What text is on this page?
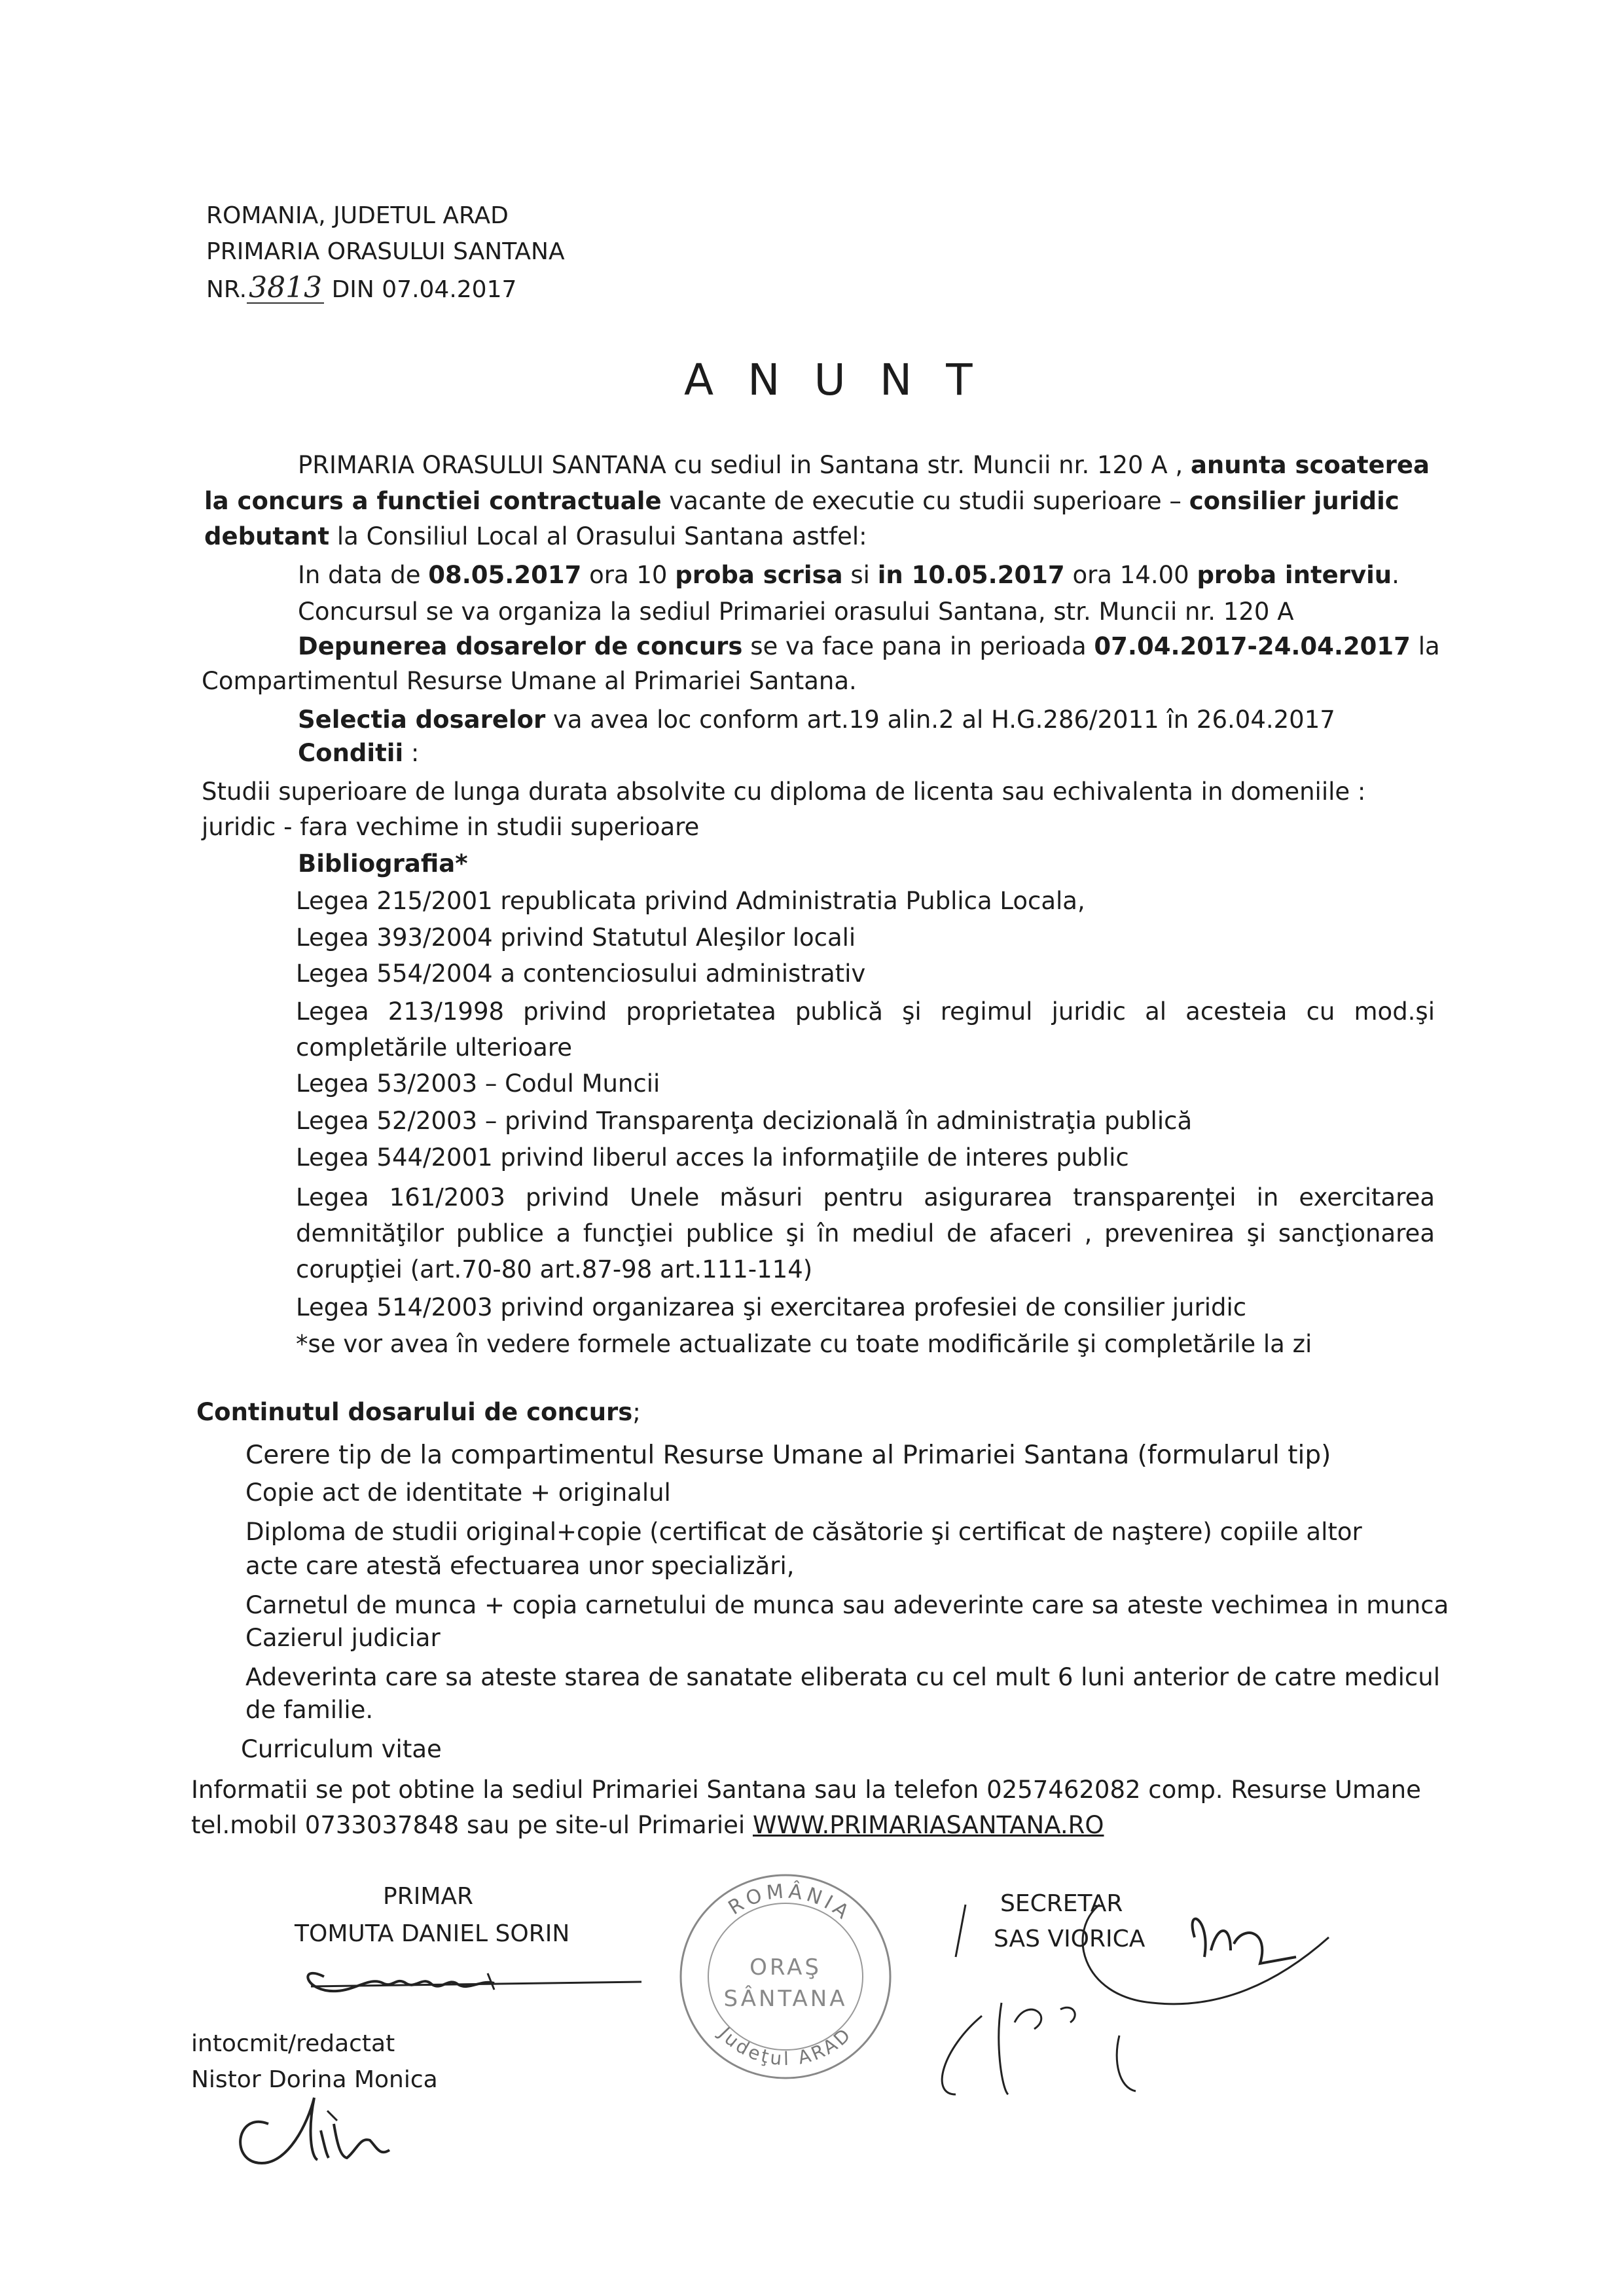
ROMANIA, JUDETUL ARAD
PRIMARIA ORASULUI SANTANA
NR.3813 DIN 07.04.2017
ANUNT
PRIMARIA ORASULUI SANTANA cu sediul in Santana str. Muncii nr. 120 A , anunta scoaterea
la concurs a functiei contractuale vacante de executie cu studii superioare – consilier juridic
debutant la Consiliul Local al Orasului Santana astfel:
In data de 08.05.2017 ora 10 proba scrisa si in 10.05.2017 ora 14.00 proba interviu.
Concursul se va organiza la sediul Primariei orasului Santana, str. Muncii nr. 120 A
Depunerea dosarelor de concurs se va face pana in perioada 07.04.2017-24.04.2017 la
Compartimentul Resurse Umane al Primariei Santana.
Selectia dosarelor va avea loc conform art.19 alin.2 al H.G.286/2011 în 26.04.2017
Conditii :
Studii superioare de lunga durata absolvite cu diploma de licenta sau echivalenta in domeniile :
juridic - fara vechime in studii superioare
Bibliografia*
Legea 215/2001 republicata privind Administratia Publica Locala,
Legea 393/2004 privind Statutul Aleşilor locali
Legea 554/2004 a contenciosului administrativ
Legea 213/1998 privind proprietatea publică şi regimul juridic al acesteia cu mod.şi
completările ulterioare
Legea 53/2003 – Codul Muncii
Legea 52/2003 – privind Transparenţa decizională în administraţia publică
Legea 544/2001 privind liberul acces la informaţiile de interes public
Legea 161/2003 privind Unele măsuri pentru asigurarea transparenţei in exercitarea
demnităţilor publice a funcţiei publice şi în mediul de afaceri , prevenirea şi sancţionarea
corupţiei (art.70-80 art.87-98 art.111-114)
Legea 514/2003 privind organizarea şi exercitarea profesiei de consilier juridic
*se vor avea în vedere formele actualizate cu toate modificările şi completările la zi
Continutul dosarului de concurs;
Cerere tip de la compartimentul Resurse Umane al Primariei Santana (formularul tip)
Copie act de identitate + originalul
Diploma de studii original+copie (certificat de căsătorie şi certificat de naştere) copiile altor
acte care atestă efectuarea unor specializări,
Carnetul de munca + copia carnetului de munca sau adeverinte care sa ateste vechimea in munca
Cazierul judiciar
Adeverinta care sa ateste starea de sanatate eliberata cu cel mult 6 luni anterior de catre medicul
de familie.
Curriculum vitae
Informatii se pot obtine la sediul Primariei Santana sau la telefon 0257462082 comp. Resurse Umane
tel.mobil 0733037848 sau pe site-ul Primariei WWW.PRIMARIASANTANA.RO
PRIMAR
TOMUTA DANIEL SORIN
SECRETAR
SAS VIORICA
intocmit/redactat
Nistor Dorina Monica
ROMÂNIA
ORAŞ
SÂNTANA
Judeţul ARAD
